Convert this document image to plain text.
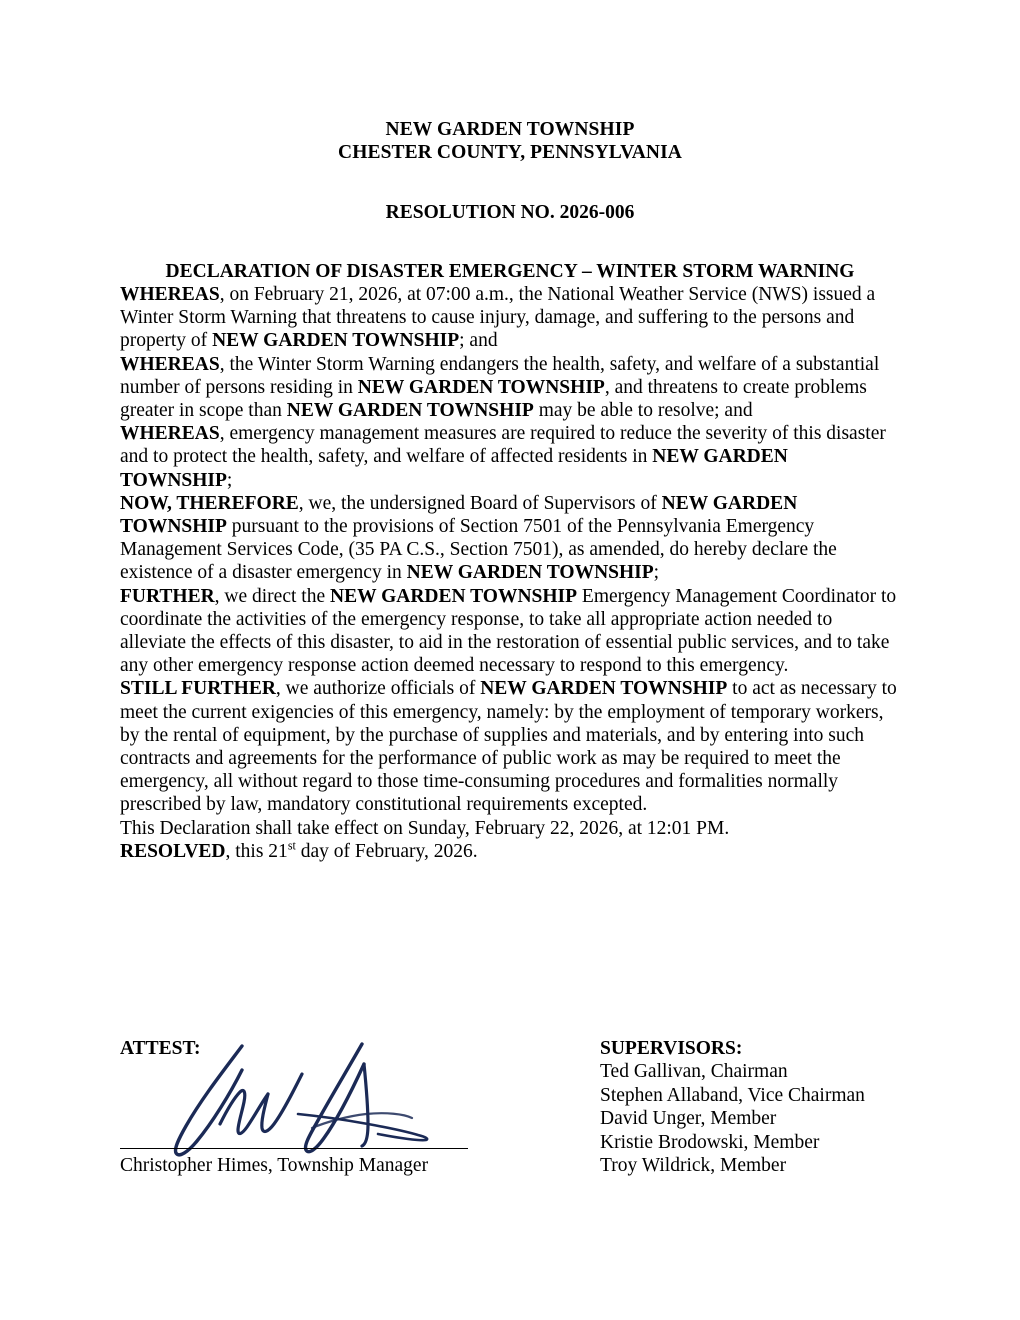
NEW GARDEN TOWNSHIP
CHESTER COUNTY, PENNSYLVANIA
RESOLUTION NO. 2026-006
DECLARATION OF DISASTER EMERGENCY – WINTER STORM WARNING

WHEREAS, on February 21, 2026, at 07:00 a.m., the National Weather Service (NWS) issued a Winter Storm Warning that threatens to cause injury, damage, and suffering to the persons and property of NEW GARDEN TOWNSHIP; and

WHEREAS, the Winter Storm Warning endangers the health, safety, and welfare of a substantial number of persons residing in NEW GARDEN TOWNSHIP, and threatens to create problems greater in scope than NEW GARDEN TOWNSHIP may be able to resolve; and

WHEREAS, emergency management measures are required to reduce the severity of this disaster and to protect the health, safety, and welfare of affected residents in NEW GARDEN TOWNSHIP;

NOW, THEREFORE, we, the undersigned Board of Supervisors of NEW GARDEN TOWNSHIP pursuant to the provisions of Section 7501 of the Pennsylvania Emergency Management Services Code, (35 PA C.S., Section 7501), as amended, do hereby declare the existence of a disaster emergency in NEW GARDEN TOWNSHIP;

FURTHER, we direct the NEW GARDEN TOWNSHIP Emergency Management Coordinator to coordinate the activities of the emergency response, to take all appropriate action needed to alleviate the effects of this disaster, to aid in the restoration of essential public services, and to take any other emergency response action deemed necessary to respond to this emergency.

STILL FURTHER, we authorize officials of NEW GARDEN TOWNSHIP to act as necessary to meet the current exigencies of this emergency, namely: by the employment of temporary workers, by the rental of equipment, by the purchase of supplies and materials, and by entering into such contracts and agreements for the performance of public work as may be required to meet the emergency, all without regard to those time-consuming procedures and formalities normally prescribed by law, mandatory constitutional requirements excepted.

This Declaration shall take effect on Sunday, February 22, 2026, at 12:01 PM.

RESOLVED, this 21st day of February, 2026.

ATTEST:
Christopher Himes, Township Manager
SUPERVISORS:
Ted Gallivan, Chairman
Stephen Allaband, Vice Chairman
David Unger, Member
Kristie Brodowski, Member
Troy Wildrick, Member
